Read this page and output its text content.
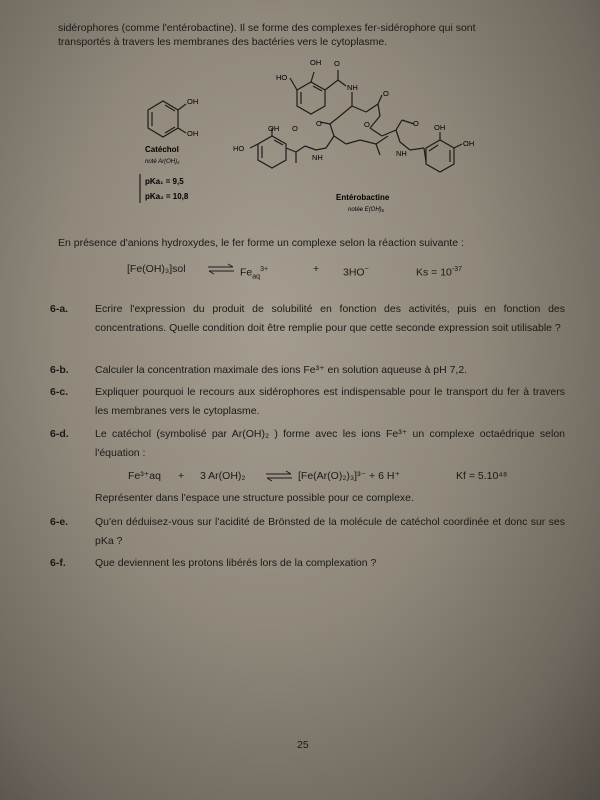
sidérophores (comme l'entérobactine). Il se forme des complexes fer-sidérophore qui sont
transportés à travers les membranes des bactéries vers le cytoplasme.
OH
OH
Catéchol
noté Ar(OH)₂
pKa₁ = 9,5
pKa₂ = 10,8
OH O
HO
NH
O
O	O	O
OH O
HO
NH	NH
OH
OH
Entérobactine
notée E(OH)₆
En présence d'anions hydroxydes, le fer forme un complexe selon la réaction suivante :
[Fe(OH)₃]sol ⇌ $Fe_{aq}^{3+}$	+ 3HO−	$Ks = 10^{-37}$
6-a.	Ecrire l'expression du produit de solubilité en fonction des activités, puis en fonction des concentrations. Quelle condition doit être remplie pour que cette seconde expression soit utilisable ?
6-b.	Calculer la concentration maximale des ions Fe³⁺ en solution aqueuse à pH 7,2.
6-c.	Expliquer pourquoi le recours aux sidérophores est indispensable pour le transport du fer à travers les membranes vers le cytoplasme.
6-d.	Le catéchol (symbolisé par Ar(OH)₂ ) forme avec les ions Fe³⁺ un complexe octaédrique selon l'équation :
Fe³⁺aq + 3 Ar(OH)₂ ⇌ [Fe(Ar(O)₂)₃]³⁻ + 6 H⁺	Kf = 5.10⁴⁸
Représenter dans l'espace une structure possible pour ce complexe.
6-e.	Qu'en déduisez-vous sur l'acidité de Brönsted de la molécule de catéchol coordinée et donc sur ses pKa ?
6-f.	Que deviennent les protons libérés lors de la complexation ?
25
